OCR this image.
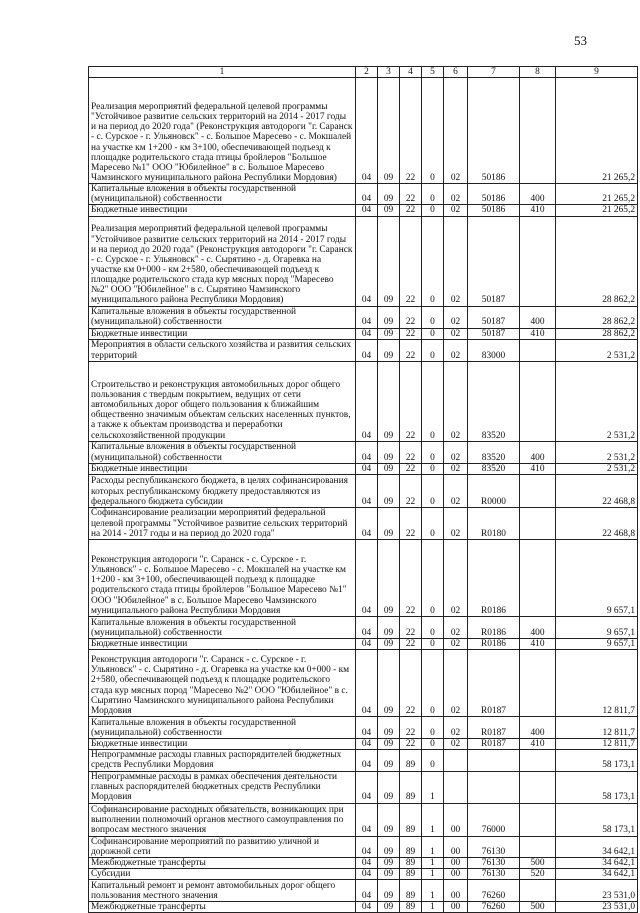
53
1	2	3	4	5	6	7	8	9
Реализация мероприятий федеральной целевой программы "Устойчивое развитие сельских территорий на 2014 - 2017 годы и на период до 2020 года" (Реконструкция автодороги "г. Саранск - с. Сурское - г. Ульяновск" - с. Большое Маресево - с. Мокшалей на участке км 1+200 - км 3+100, обеспечивающей подъезд к площадке родительского стада птицы бройлеров "Большое Маресево №1" ООО "Юбилейное" в с. Большое Маресево Чамзинского муниципального района Республики Мордовия)	04	09	22	0	02	50186		21 265,2
Капитальные вложения в объекты государственной (муниципальной) собственности	04	09	22	0	02	50186	400	21 265,2
Бюджетные инвестиции	04	09	22	0	02	50186	410	21 265,2
Реализация мероприятий федеральной целевой программы "Устойчивое развитие сельских территорий на 2014 - 2017 годы и на период до 2020 года" (Реконструкция автодороги "г. Саранск - с. Сурское - г. Ульяновск" - с. Сырятино - д. Огаревка на участке км 0+000 - км 2+580, обеспечивающей подъезд к площадке родительского стада кур мясных пород "Маресево №2" ООО "Юбилейное" в с. Сырятино Чамзинского муниципального района Республики Мордовия)	04	09	22	0	02	50187		28 862,2
Капитальные вложения в объекты государственной (муниципальной) собственности	04	09	22	0	02	50187	400	28 862,2
Бюджетные инвестиции	04	09	22	0	02	50187	410	28 862,2
Мероприятия в области сельского хозяйства и развития сельских территорий	04	09	22	0	02	83000		2 531,2
Строительство и реконструкция автомобильных дорог общего пользования с твердым покрытием, ведущих от сети автомобильных дорог общего пользования к ближайшим общественно значимым объектам сельских населенных пунктов, а также к объектам производства и переработки сельскохозяйственной продукции	04	09	22	0	02	83520		2 531,2
Капитальные вложения в объекты государственной (муниципальной) собственности	04	09	22	0	02	83520	400	2 531,2
Бюджетные инвестиции	04	09	22	0	02	83520	410	2 531,2
Расходы республиканского бюджета, в целях софинансирования которых республиканскому бюджету предоставляются из федерального бюджета субсидии	04	09	22	0	02	R0000		22 468,8
Софинансирование реализации мероприятий федеральной целевой программы "Устойчивое развитие сельских территорий на 2014 - 2017 годы и на период до 2020 года"	04	09	22	0	02	R0180		22 468,8
Реконструкция автодороги "г. Саранск - с. Сурское - г. Ульяновск" - с. Большое Маресево - с. Мокшалей на участке км 1+200 - км 3+100, обеспечивающей подъезд к площадке родительского стада птицы бройлеров "Большое Маресево №1" ООО "Юбилейное" в с. Большое Маресево Чамзинского муниципального района Республики Мордовия	04	09	22	0	02	R0186		9 657,1
Капитальные вложения в объекты государственной (муниципальной) собственности	04	09	22	0	02	R0186	400	9 657,1
Бюджетные инвестиции	04	09	22	0	02	R0186	410	9 657,1
Реконструкция автодороги "г. Саранск - с. Сурское - г. Ульяновск" - с. Сырятино - д. Огаревка на участке км 0+000 - км 2+580, обеспечивающей подъезд к площадке родительского стада кур мясных пород "Маресево №2" ООО "Юбилейное" в с. Сырятино Чамзинского муниципального района Республики Мордовия	04	09	22	0	02	R0187		12 811,7
Капитальные вложения в объекты государственной (муниципальной) собственности	04	09	22	0	02	R0187	400	12 811,7
Бюджетные инвестиции	04	09	22	0	02	R0187	410	12 811,7
Непрограммные расходы главных распорядителей бюджетных средств Республики Мордовия	04	09	89	0				58 173,1
Непрограммные расходы в рамках обеспечения деятельности главных распорядителей бюджетных средств Республики Мордовия	04	09	89	1				58 173,1
Софинансирование расходных обязательств, возникающих при выполнении полномочий органов местного самоуправления по вопросам местного значения	04	09	89	1	00	76000		58 173,1
Софинансирование мероприятий по развитию уличной и дорожной сети	04	09	89	1	00	76130		34 642,1
Межбюджетные трансферты	04	09	89	1	00	76130	500	34 642,1
Субсидии	04	09	89	1	00	76130	520	34 642,1
Капитальный ремонт и ремонт автомобильных дорог общего пользования местного значения	04	09	89	1	00	76260		23 531,0
Межбюджетные трансферты	04	09	89	1	00	76260	500	23 531,0
